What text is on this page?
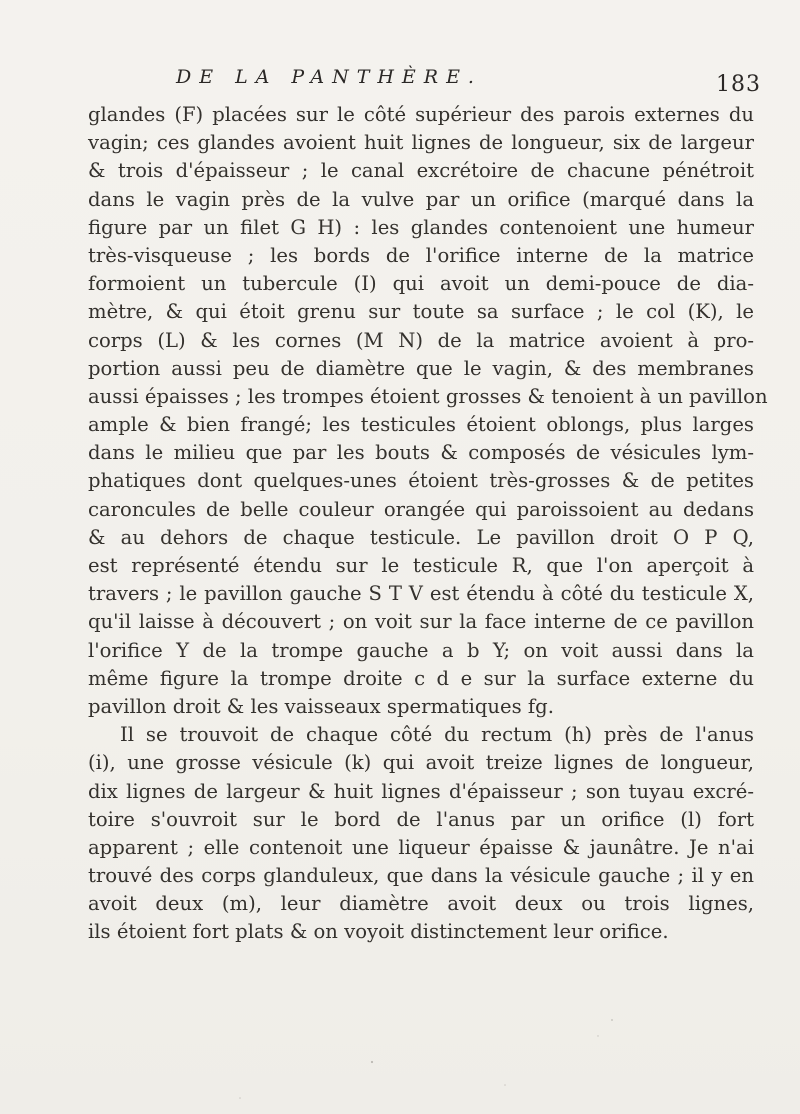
DE LA PANTHÈRE.	183
glandes (F) placées sur le côté supérieur des parois externes du
vagin; ces glandes avoient huit lignes de longueur, six de largeur
& trois d'épaisseur ; le canal excrétoire de chacune pénétroit
dans le vagin près de la vulve par un orifice (marqué dans la
figure par un filet G H) : les glandes contenoient une humeur
très-visqueuse ; les bords de l'orifice interne de la matrice
formoient un tubercule (I) qui avoit un demi-pouce de dia-
mètre, & qui étoit grenu sur toute sa surface ; le col (K), le
corps (L) & les cornes (M N) de la matrice avoient à pro-
portion aussi peu de diamètre que le vagin, & des membranes
aussi épaisses ; les trompes étoient grosses & tenoient à un pavillon
ample & bien frangé; les testicules étoient oblongs, plus larges
dans le milieu que par les bouts & composés de vésicules lym-
phatiques dont quelques-unes étoient très-grosses & de petites
caroncules de belle couleur orangée qui paroissoient au dedans
& au dehors de chaque testicule. Le pavillon droit O P Q,
est représenté étendu sur le testicule R, que l'on aperçoit à
travers ; le pavillon gauche S T V est étendu à côté du testicule X,
qu'il laisse à découvert ; on voit sur la face interne de ce pavillon
l'orifice Y de la trompe gauche a b Y; on voit aussi dans la
même figure la trompe droite c d e sur la surface externe du
pavillon droit & les vaisseaux spermatiques fg.
Il se trouvoit de chaque côté du rectum (h) près de l'anus
(i), une grosse vésicule (k) qui avoit treize lignes de longueur,
dix lignes de largeur & huit lignes d'épaisseur ; son tuyau excré-
toire s'ouvroit sur le bord de l'anus par un orifice (l) fort
apparent ; elle contenoit une liqueur épaisse & jaunâtre. Je n'ai
trouvé des corps glanduleux, que dans la vésicule gauche ; il y en
avoit deux (m), leur diamètre avoit deux ou trois lignes,
ils étoient fort plats & on voyoit distinctement leur orifice.
